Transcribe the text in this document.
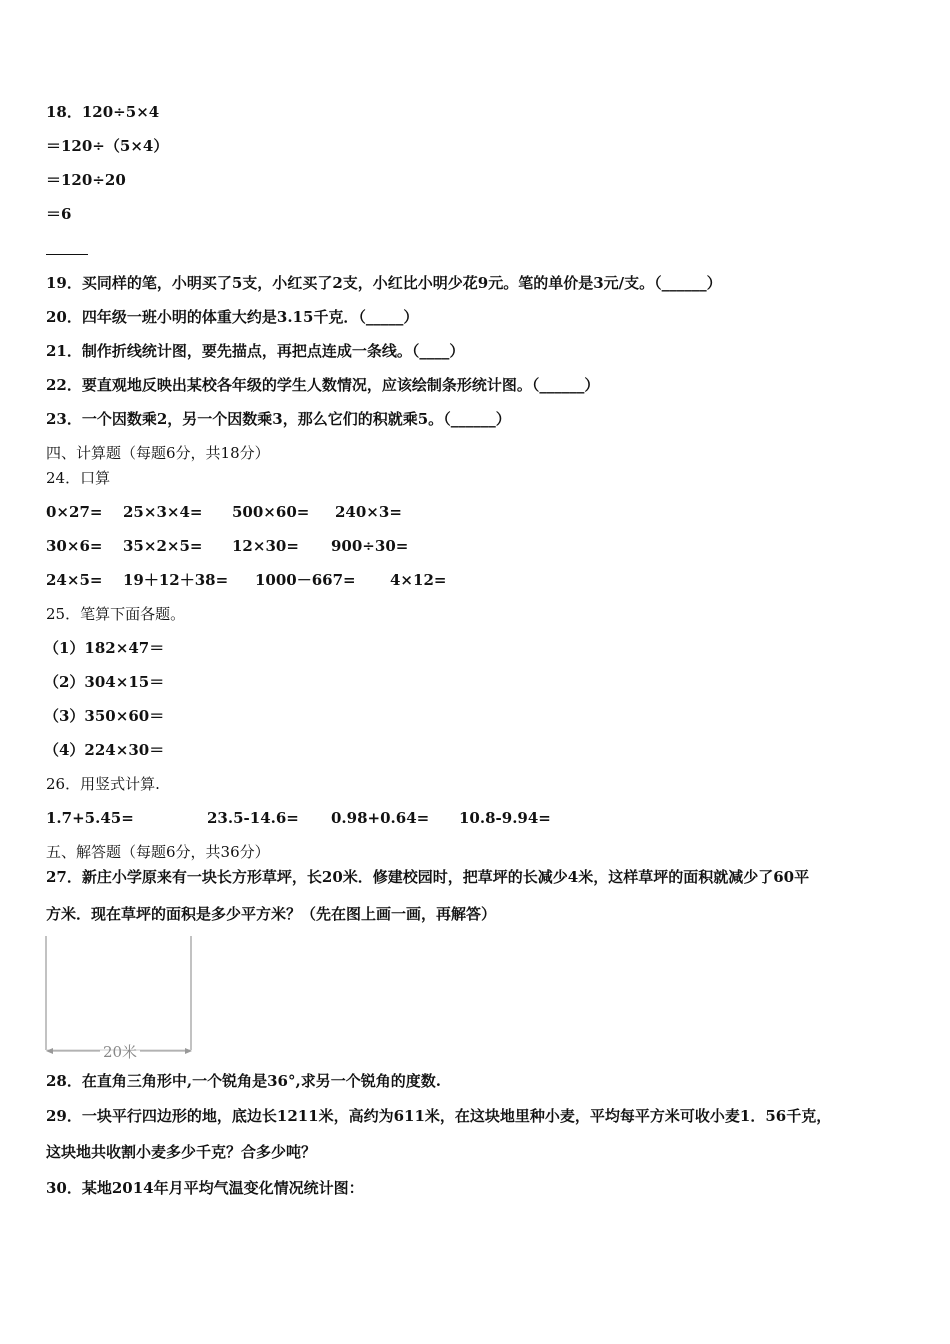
18．120÷5×4
＝120÷（5×4）
＝120÷20
＝6
19．买同样的笔，小明买了5支，小红买了2支，小红比小明少花9元。笔的单价是3元/支。（______）
20．四年级一班小明的体重大约是3.15千克．（_____）
21．制作折线统计图，要先描点，再把点连成一条线。（____）
22．要直观地反映出某校各年级的学生人数情况，应该绘制条形统计图。（______）
23．一个因数乘2，另一个因数乘3，那么它们的积就乘5。（______）
四、计算题（每题6分，共18分）
24．口算
0×27= 25×3×4= 500×60= 240×3=
30×6= 35×2×5= 12×30= 900÷30=
24×5= 19＋12＋38= 1000－667= 4×12=
25．笔算下面各题。
（1）182×47＝
（2）304×15＝
（3）350×60＝
（4）224×30＝
26．用竖式计算.
1.7+5.45=	23.5-14.6= 0.98+0.64= 10.8-9.94=
五、解答题（每题6分，共36分）
27．新庄小学原来有一块长方形草坪，长20米．修建校园时，把草坪的长减少4米，这样草坪的面积就减少了60平
方米．现在草坪的面积是多少平方米？（先在图上画一画，再解答）
20米
28．在直角三角形中,一个锐角是36°,求另一个锐角的度数.
29．一块平行四边形的地，底边长1211米，高约为611米，在这块地里种小麦，平均每平方米可收小麦1．56千克，
这块地共收割小麦多少千克？合多少吨？
30．某地2014年月平均气温变化情况统计图：
